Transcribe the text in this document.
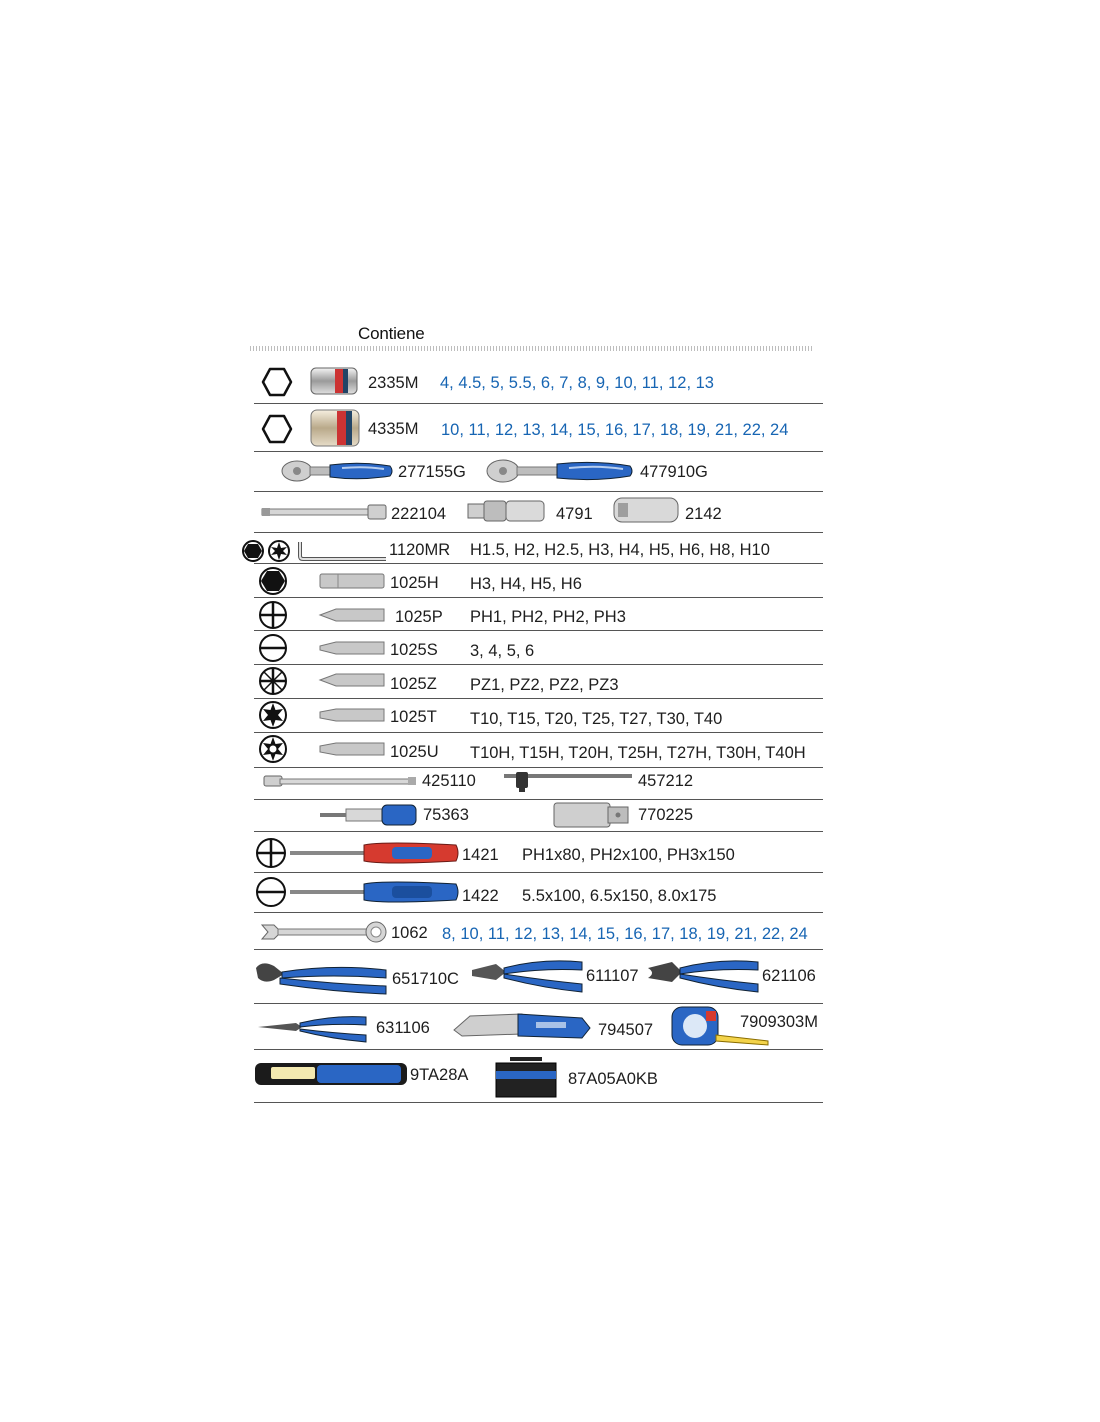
Contiene
2335M 4, 4.5, 5, 5.5, 6, 7, 8, 9, 10, 11, 12, 13
4335M 10, 11, 12, 13, 14, 15, 16, 17, 18, 19, 21, 22, 24
277155G	477910G
222104	4791	2142
1120MR H1.5, H2, H2.5, H3, H4, H5, H6, H8, H10
1025H H3, H4, H5, H6
1025P PH1, PH2, PH2, PH3
1025S 3, 4, 5, 6
1025Z PZ1, PZ2, PZ2, PZ3
1025T T10, T15, T20, T25, T27, T30, T40
1025U T10H, T15H, T20H, T25H, T27H, T30H, T40H
425110	457212
75363	770225
1421 PH1x80, PH2x100, PH3x150
1422 5.5x100, 6.5x150, 8.0x175
1062 8, 10, 11, 12, 13, 14, 15, 16, 17, 18, 19, 21, 22, 24
651710C	611107	621106
631106	794507	7909303M
9TA28A	87A05A0KB
